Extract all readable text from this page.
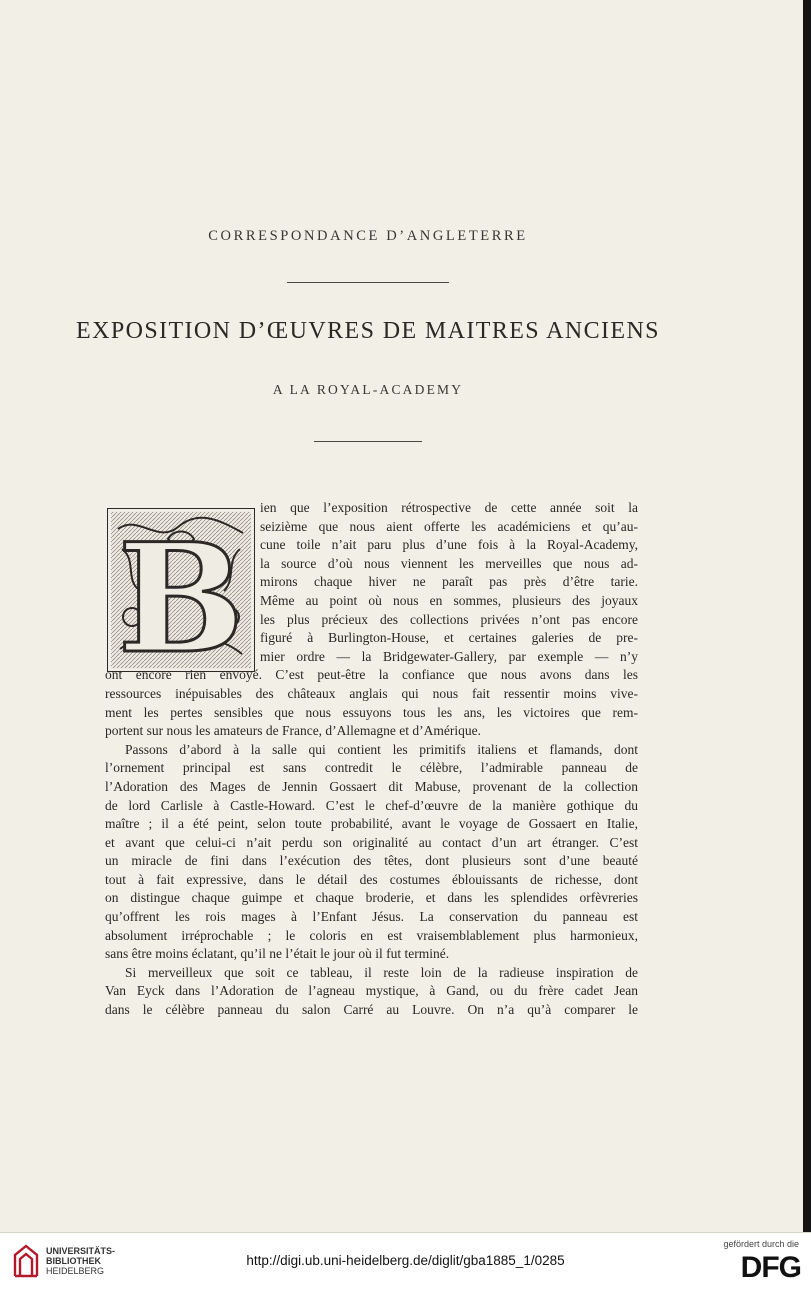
CORRESPONDANCE D’ANGLETERRE
EXPOSITION D’ŒUVRES DE MAITRES ANCIENS
A LA ROYAL-ACADEMY
B
ien que l’exposition rétrospective de cette année soit la
seizième que nous aient offerte les académiciens et qu’au-
cune toile n’ait paru plus d’une fois à la Royal-Academy,
la source d’où nous viennent les merveilles que nous ad-
mirons chaque hiver ne paraît pas près d’être tarie.
Même au point où nous en sommes, plusieurs des joyaux
les plus précieux des collections privées n’ont pas encore
figuré à Burlington-House, et certaines galeries de pre-
mier ordre — la Bridgewater-Gallery, par exemple — n’y
ont encore rien envoyé. C’est peut-être la confiance que nous avons dans les
ressources inépuisables des châteaux anglais qui nous fait ressentir moins vive-
ment les pertes sensibles que nous essuyons tous les ans, les victoires que rem-
portent sur nous les amateurs de France, d’Allemagne et d’Amérique.
Passons d’abord à la salle qui contient les primitifs italiens et flamands, dont
l’ornement principal est sans contredit le célèbre, l’admirable panneau de
l’Adoration des Mages de Jennin Gossaert dit Mabuse, provenant de la collection
de lord Carlisle à Castle-Howard. C’est le chef-d’œuvre de la manière gothique du
maître ; il a été peint, selon toute probabilité, avant le voyage de Gossaert en Italie,
et avant que celui-ci n’ait perdu son originalité au contact d’un art étranger. C’est
un miracle de fini dans l’exécution des têtes, dont plusieurs sont d’une beauté
tout à fait expressive, dans le détail des costumes éblouissants de richesse, dont
on distingue chaque guimpe et chaque broderie, et dans les splendides orfèvreries
qu’offrent les rois mages à l’Enfant Jésus. La conservation du panneau est
absolument irréprochable ; le coloris en est vraisemblablement plus harmonieux,
sans être moins éclatant, qu’il ne l’était le jour où il fut terminé.
Si merveilleux que soit ce tableau, il reste loin de la radieuse inspiration de
Van Eyck dans l’Adoration de l’agneau mystique, à Gand, ou du frère cadet Jean
dans le célèbre panneau du salon Carré au Louvre. On n’a qu’à comparer le
UNIVERSITÄTS-
BIBLIOTHEK
HEIDELBERG
http://digi.ub.uni-heidelberg.de/diglit/gba1885_1/0285
gefördert durch die
DFG
